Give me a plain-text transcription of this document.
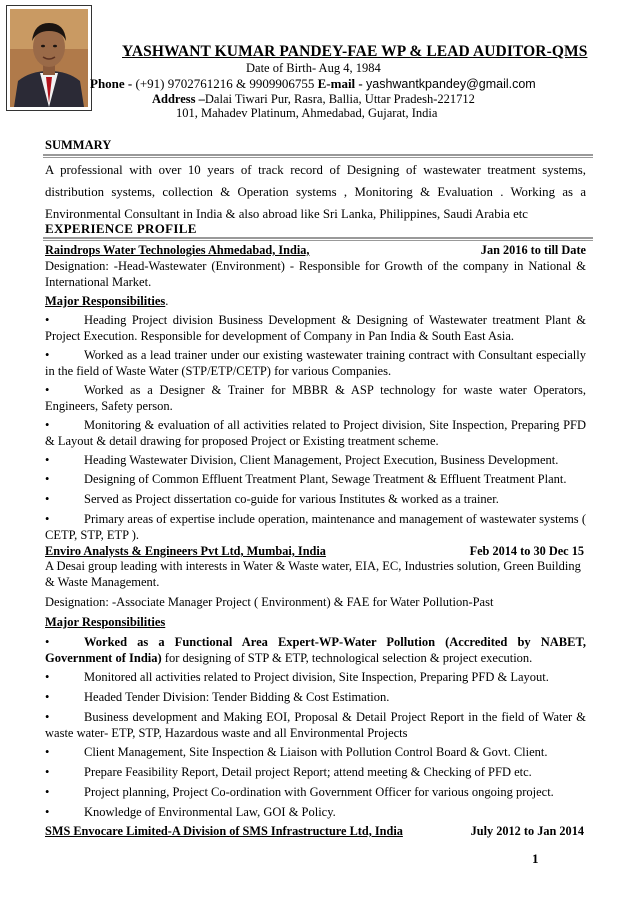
YASHWANT KUMAR PANDEY-FAE WP & LEAD AUDITOR-QMS
Date of Birth- Aug 4, 1984
Phone - (+91) 9702761216 & 9909906755 E-mail - yashwantkpandey@gmail.com
Address –Dalai Tiwari Pur, Rasra, Ballia, Uttar Pradesh-221712
101, Mahadev Platinum, Ahmedabad, Gujarat, India
SUMMARY
A professional with over 10 years of track record of Designing of wastewater treatment systems,
distribution systems, collection & Operation systems , Monitoring & Evaluation . Working as a
Environmental Consultant in India & also abroad like Sri Lanka, Philippines, Saudi Arabia etc
EXPERIENCE PROFILE
Raindrops Water Technologies Ahmedabad, India,	Jan 2016 to till Date
Designation: -Head-Wastewater (Environment) - Responsible for Growth of the company in National & International Market.
Major Responsibilities.
•	Heading Project division Business Development & Designing of Wastewater treatment Plant & Project Execution. Responsible for development of Company in Pan India & South East Asia.
•	Worked as a lead trainer under our existing wastewater training contract with Consultant especially in the field of Waste Water (STP/ETP/CETP) for various Companies.
•	Worked as a Designer & Trainer for MBBR & ASP technology for waste water Operators, Engineers, Safety person.
•	Monitoring & evaluation of all activities related to Project division, Site Inspection, Preparing PFD & Layout & detail drawing for proposed Project or Existing treatment scheme.
•	Heading Wastewater Division, Client Management, Project Execution, Business Development.
•	Designing of Common Effluent Treatment Plant, Sewage Treatment & Effluent Treatment Plant.
•	Served as Project dissertation co-guide for various Institutes & worked as a trainer.
•	Primary areas of expertise include operation, maintenance and management of wastewater systems ( CETP, STP, ETP ).
Enviro Analysts & Engineers Pvt Ltd, Mumbai, India	Feb 2014 to 30 Dec 15
A Desai group leading with interests in Water & Waste water, EIA, EC, Industries solution, Green Building & Waste Management.
Designation: -Associate Manager Project ( Environment) & FAE for Water Pollution-Past
Major Responsibilities
•	Worked as a Functional Area Expert-WP-Water Pollution (Accredited by NABET, Government of India) for designing of STP & ETP, technological selection & project execution.
•	Monitored all activities related to Project division, Site Inspection, Preparing PFD & Layout.
•	Headed Tender Division: Tender Bidding & Cost Estimation.
•	Business development and Making EOI, Proposal & Detail Project Report in the field of Water & waste water- ETP, STP, Hazardous waste and all Environmental Projects
•	Client Management, Site Inspection & Liaison with Pollution Control Board & Govt. Client.
•	Prepare Feasibility Report, Detail project Report; attend meeting & Checking of PFD etc.
•	Project planning, Project Co-ordination with Government Officer for various ongoing project.
•	Knowledge of Environmental Law, GOI & Policy.
SMS Envocare Limited-A Division of SMS Infrastructure Ltd, India	July 2012 to Jan 2014
1
